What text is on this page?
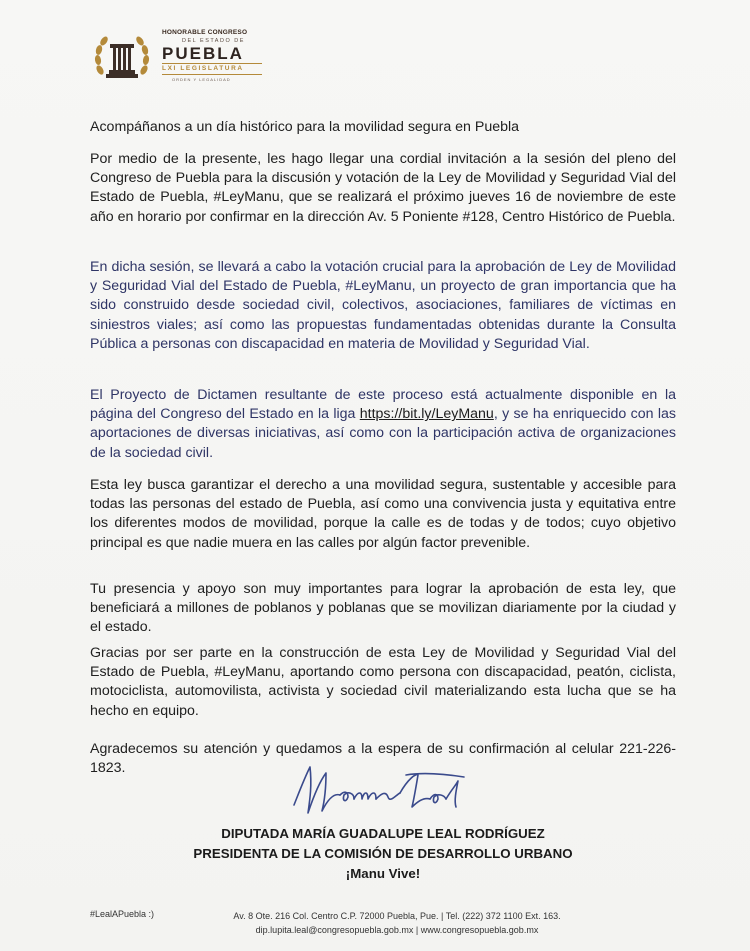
HONORABLE CONGRESO
DEL ESTADO DE
PUEBLA
LXI LEGISLATURA
ORDEN Y LEGALIDAD

Acompáñanos a un día histórico para la movilidad segura en Puebla

Por medio de la presente, les hago llegar una cordial invitación a la sesión del pleno del Congreso de Puebla para la discusión y votación de la Ley de Movilidad y Seguridad Vial del Estado de Puebla, #LeyManu, que se realizará el próximo jueves 16 de noviembre de este año en horario por confirmar en la dirección Av. 5 Poniente #128, Centro Histórico de Puebla.

En dicha sesión, se llevará a cabo la votación crucial para la aprobación de Ley de Movilidad y Seguridad Vial del Estado de Puebla, #LeyManu, un proyecto de gran importancia que ha sido construido desde sociedad civil, colectivos, asociaciones, familiares de víctimas en siniestros viales; así como las propuestas fundamentadas obtenidas durante la Consulta Pública a personas con discapacidad en materia de Movilidad y Seguridad Vial.

El Proyecto de Dictamen resultante de este proceso está actualmente disponible en la página del Congreso del Estado en la liga https://bit.ly/LeyManu, y se ha enriquecido con las aportaciones de diversas iniciativas, así como con la participación activa de organizaciones de la sociedad civil.

Esta ley busca garantizar el derecho a una movilidad segura, sustentable y accesible para todas las personas del estado de Puebla, así como una convivencia justa y equitativa entre los diferentes modos de movilidad, porque la calle es de todas y de todos; cuyo objetivo principal es que nadie muera en las calles por algún factor prevenible.

Tu presencia y apoyo son muy importantes para lograr la aprobación de esta ley, que beneficiará a millones de poblanos y poblanas que se movilizan diariamente por la ciudad y el estado.

Gracias por ser parte en la construcción de esta Ley de Movilidad y Seguridad Vial del Estado de Puebla, #LeyManu, aportando como persona con discapacidad, peatón, ciclista, motociclista, automovilista, activista y sociedad civil materializando esta lucha que se ha hecho en equipo.

Agradecemos su atención y quedamos a la espera de su confirmación al celular 221-226-1823.

DIPUTADA MARÍA GUADALUPE LEAL RODRÍGUEZ
PRESIDENTA DE LA COMISIÓN DE DESARROLLO URBANO
¡Manu Vive!
#LealAPuebla :)	Av. 8 Ote. 216 Col. Centro C.P. 72000 Puebla, Pue. | Tel. (222) 372 1100 Ext. 163.
dip.lupita.leal@congresopuebla.gob.mx | www.congresopuebla.gob.mx
